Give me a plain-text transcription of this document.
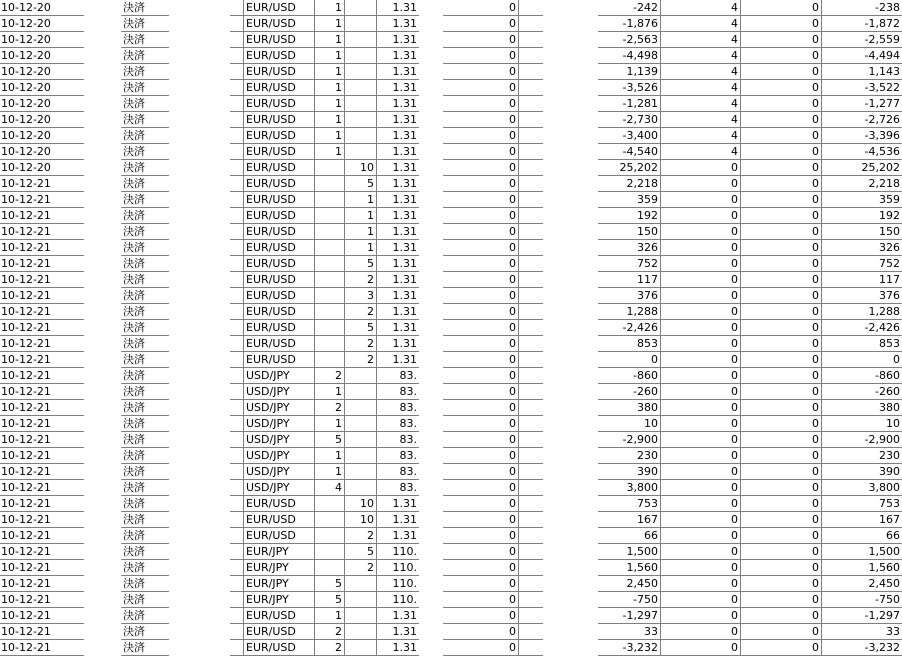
10-12-20	決済	EUR/USD	1	1.31	0	-242	4	0	-238
10-12-20	決済	EUR/USD	1	1.31	0	-1,876	4	0	-1,872
10-12-20	決済	EUR/USD	1	1.31	0	-2,563	4	0	-2,559
10-12-20	決済	EUR/USD	1	1.31	0	-4,498	4	0	-4,494
10-12-20	決済	EUR/USD	1	1.31	0	1,139	4	0	1,143
10-12-20	決済	EUR/USD	1	1.31	0	-3,526	4	0	-3,522
10-12-20	決済	EUR/USD	1	1.31	0	-1,281	4	0	-1,277
10-12-20	決済	EUR/USD	1	1.31	0	-2,730	4	0	-2,726
10-12-20	決済	EUR/USD	1	1.31	0	-3,400	4	0	-3,396
10-12-20	決済	EUR/USD	1	1.31	0	-4,540	4	0	-4,536
10-12-20	決済	EUR/USD	10	1.31	0	25,202	0	0	25,202
10-12-21	決済	EUR/USD	5	1.31	0	2,218	0	0	2,218
10-12-21	決済	EUR/USD	1	1.31	0	359	0	0	359
10-12-21	決済	EUR/USD	1	1.31	0	192	0	0	192
10-12-21	決済	EUR/USD	1	1.31	0	150	0	0	150
10-12-21	決済	EUR/USD	1	1.31	0	326	0	0	326
10-12-21	決済	EUR/USD	5	1.31	0	752	0	0	752
10-12-21	決済	EUR/USD	2	1.31	0	117	0	0	117
10-12-21	決済	EUR/USD	3	1.31	0	376	0	0	376
10-12-21	決済	EUR/USD	2	1.31	0	1,288	0	0	1,288
10-12-21	決済	EUR/USD	5	1.31	0	-2,426	0	0	-2,426
10-12-21	決済	EUR/USD	2	1.31	0	853	0	0	853
10-12-21	決済	EUR/USD	2	1.31	0	0	0	0	0
10-12-21	決済	USD/JPY	2	83.	0	-860	0	0	-860
10-12-21	決済	USD/JPY	1	83.	0	-260	0	0	-260
10-12-21	決済	USD/JPY	2	83.	0	380	0	0	380
10-12-21	決済	USD/JPY	1	83.	0	10	0	0	10
10-12-21	決済	USD/JPY	5	83.	0	-2,900	0	0	-2,900
10-12-21	決済	USD/JPY	1	83.	0	230	0	0	230
10-12-21	決済	USD/JPY	1	83.	0	390	0	0	390
10-12-21	決済	USD/JPY	4	83.	0	3,800	0	0	3,800
10-12-21	決済	EUR/USD	10	1.31	0	753	0	0	753
10-12-21	決済	EUR/USD	10	1.31	0	167	0	0	167
10-12-21	決済	EUR/USD	2	1.31	0	66	0	0	66
10-12-21	決済	EUR/JPY	5	110.	0	1,500	0	0	1,500
10-12-21	決済	EUR/JPY	2	110.	0	1,560	0	0	1,560
10-12-21	決済	EUR/JPY	5	110.	0	2,450	0	0	2,450
10-12-21	決済	EUR/JPY	5	110.	0	-750	0	0	-750
10-12-21	決済	EUR/USD	1	1.31	0	-1,297	0	0	-1,297
10-12-21	決済	EUR/USD	2	1.31	0	33	0	0	33
10-12-21	決済	EUR/USD	2	1.31	0	-3,232	0	0	-3,232
